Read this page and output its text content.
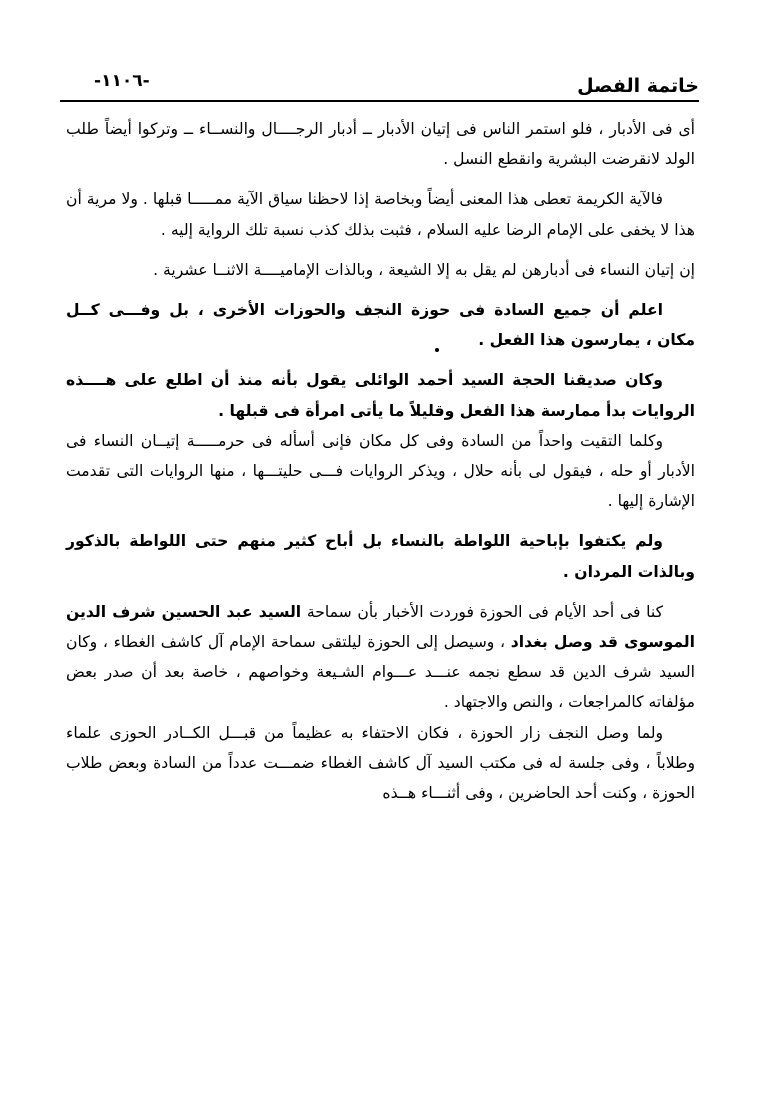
خاتمة الفصل
-١١٠٦-

أى فى الأدبار ، فلو استمر الناس فى إتيان الأدبار ــ أدبار الرجــــال والنســاء ــ وتركوا أيضاً طلب الولد لانقرضت البشرية وانقطع النسل .

فالآية الكريمة تعطى هذا المعنى أيضاً وبخاصة إذا لاحظنا سياق الآية ممـــــا قبلها . ولا مرية أن هذا لا يخفى على الإمام الرضا عليه السلام ، فثبت بذلك كذب نسبة تلك الرواية إليه .

إن إتيان النساء فى أدبارهن لم يقل به إلا الشيعة ، وبالذات الإماميــــة الاثنــا عشرية .

اعلم أن جميع السادة فى حوزة النجف والحوزات الأخرى ، بل وفـــى كــل مكان ، يمارسون هذا الفعل .

وكان صديقنا الحجة السيد أحمد الوائلى يقول بأنه منذ أن اطلع على هــــذه الروايات بدأ ممارسة هذا الفعل وقليلاً ما يأتى امرأة فى قبلها .

وكلما التقيت واحداً من السادة وفى كل مكان فإنى أسأله فى حرمـــــة إتيــان النساء فى الأدبار أو حله ، فيقول لى بأنه حلال ، ويذكر الروايات فـــى حليتـــها ، منها الروايات التى تقدمت الإشارة إليها .

ولم يكتفوا بإباحية اللواطة بالنساء بل أباح كثير منهم حتى اللواطة بالذكور وبالذات المردان .

كنا فى أحد الأيام فى الحوزة فوردت الأخبار بأن سماحة السيد عبد الحسين شرف الدين الموسوى قد وصل بغداد ، وسيصل إلى الحوزة ليلتقى سماحة الإمام آل كاشف الغطاء ، وكان السيد شرف الدين قد سطع نجمه عنـــد عـــوام الشـيعة وخواصهم ، خاصة بعد أن صدر بعض مؤلفاته كالمراجعات ، والنص والاجتهاد .

ولما وصل النجف زار الحوزة ، فكان الاحتفاء به عظيماً من قبـــل الكــادر الحوزى علماء وطلاباً ، وفى جلسة له فى مكتب السيد آل كاشف الغطاء ضمـــت عدداً من السادة وبعض طلاب الحوزة ، وكنت أحد الحاضرين ، وفى أثنـــاء هــذه
